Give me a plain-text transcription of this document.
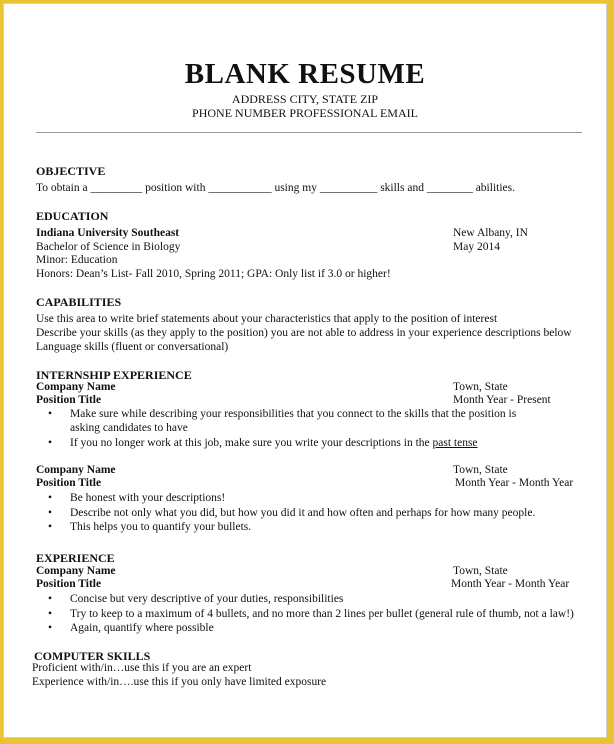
BLANK RESUME
ADDRESS CITY, STATE ZIP
PHONE NUMBER PROFESSIONAL EMAIL
OBJECTIVE
To obtain a _________ position with ___________ using my __________ skills and ________ abilities.
EDUCATION
Indiana University Southeast	New Albany, IN
Bachelor of Science in Biology	May 2014
Minor: Education
Honors: Dean’s List- Fall 2010, Spring 2011; GPA: Only list if 3.0 or higher!
CAPABILITIES
Use this area to write brief statements about your characteristics that apply to the position of interest
Describe your skills (as they apply to the position) you are not able to address in your experience descriptions below
Language skills (fluent or conversational)
INTERNSHIP EXPERIENCE
Company Name	Town, State
Position Title	Month Year - Present
• Make sure while describing your responsibilities that you connect to the skills that the position is
asking candidates to have
• If you no longer work at this job, make sure you write your descriptions in the past tense
Company Name	Town, State
Position Title	Month Year - Month Year
• Be honest with your descriptions!
• Describe not only what you did, but how you did it and how often and perhaps for how many people.
• This helps you to quantify your bullets.
EXPERIENCE
Company Name	Town, State
Position Title	Month Year - Month Year
• Concise but very descriptive of your duties, responsibilities
• Try to keep to a maximum of 4 bullets, and no more than 2 lines per bullet (general rule of thumb, not a law!)
• Again, quantify where possible
COMPUTER SKILLS
Proficient with/in…use this if you are an expert
Experience with/in….use this if you only have limited exposure
